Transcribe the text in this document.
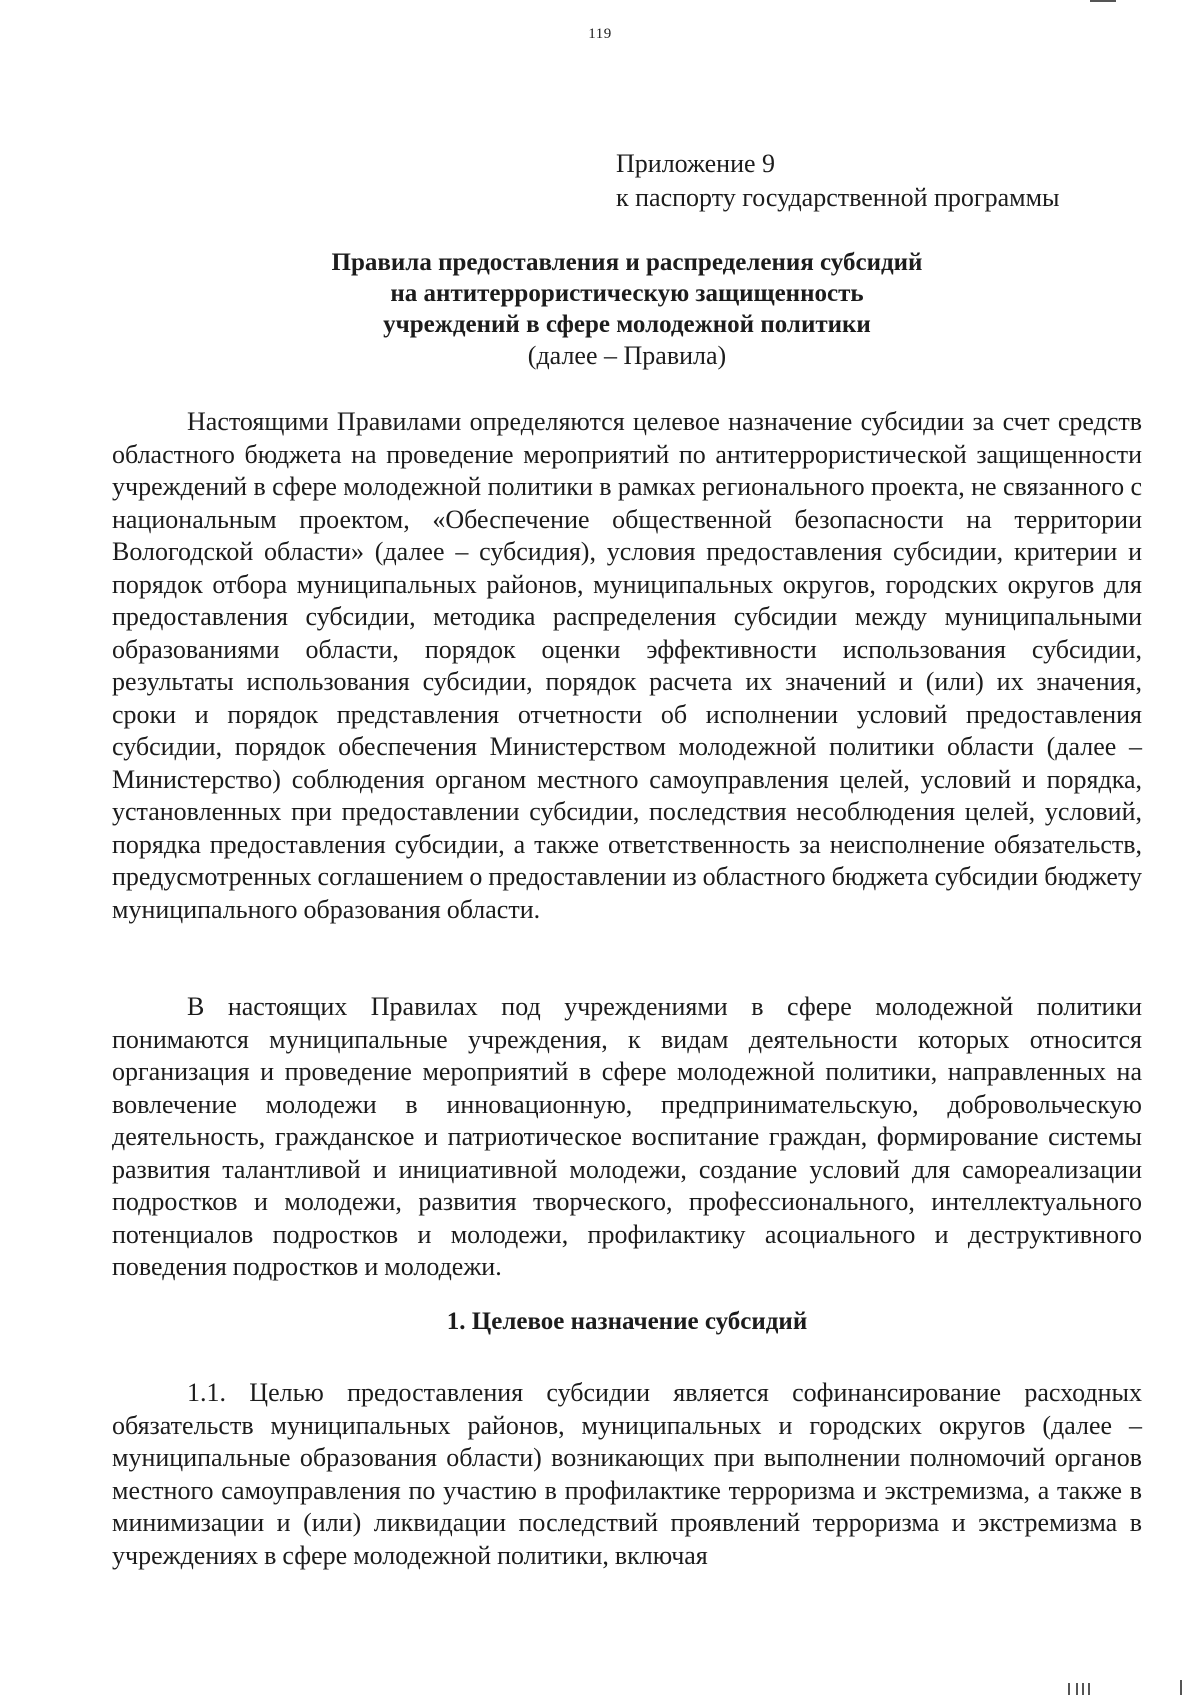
119
Приложение 9
к паспорту государственной программы
Правила предоставления и распределения субсидий
на антитеррористическую защищенность
учреждений в сфере молодежной политики
(далее – Правила)

Настоящими Правилами определяются целевое назначение субсидии за счет средств областного бюджета на проведение мероприятий по антитеррористической защищенности учреждений в сфере молодежной политики в рамках регионального проекта, не связанного с национальным проектом, «Обеспечение общественной безопасности на территории Вологодской области» (далее – субсидия), условия предоставления субсидии, критерии и порядок отбора муниципальных районов, муниципальных округов, городских округов для предоставления субсидии, методика распределения субсидии между муниципальными образованиями области, порядок оценки эффективности использования субсидии, результаты использования субсидии, порядок расчета их значений и (или) их значения, сроки и порядок представления отчетности об исполнении условий предоставления субсидии, порядок обеспечения Министерством молодежной политики области (далее – Министерство) соблюдения органом местного самоуправления целей, условий и порядка, установленных при предоставлении субсидии, последствия несоблюдения целей, условий, порядка предоставления субсидии, а также ответственность за неисполнение обязательств, предусмотренных соглашением о предоставлении из областного бюджета субсидии бюджету муниципального образования области.

В настоящих Правилах под учреждениями в сфере молодежной политики понимаются муниципальные учреждения, к видам деятельности которых относится организация и проведение мероприятий в сфере молодежной политики, направленных на вовлечение молодежи в инновационную, предпринимательскую, добровольческую деятельность, гражданское и патриотическое воспитание граждан, формирование системы развития талантливой и инициативной молодежи, создание условий для самореализации подростков и молодежи, развития творческого, профессионального, интеллектуального потенциалов подростков и молодежи, профилактику асоциального и деструктивного поведения подростков и молодежи.

1. Целевое назначение субсидий

1.1. Целью предоставления субсидии является софинансирование расходных обязательств муниципальных районов, муниципальных и городских округов (далее – муниципальные образования области) возникающих при выполнении полномочий органов местного самоуправления по участию в профилактике терроризма и экстремизма, а также в минимизации и (или) ликвидации последствий проявлений терроризма и экстремизма в учреждениях в сфере молодежной политики, включая
